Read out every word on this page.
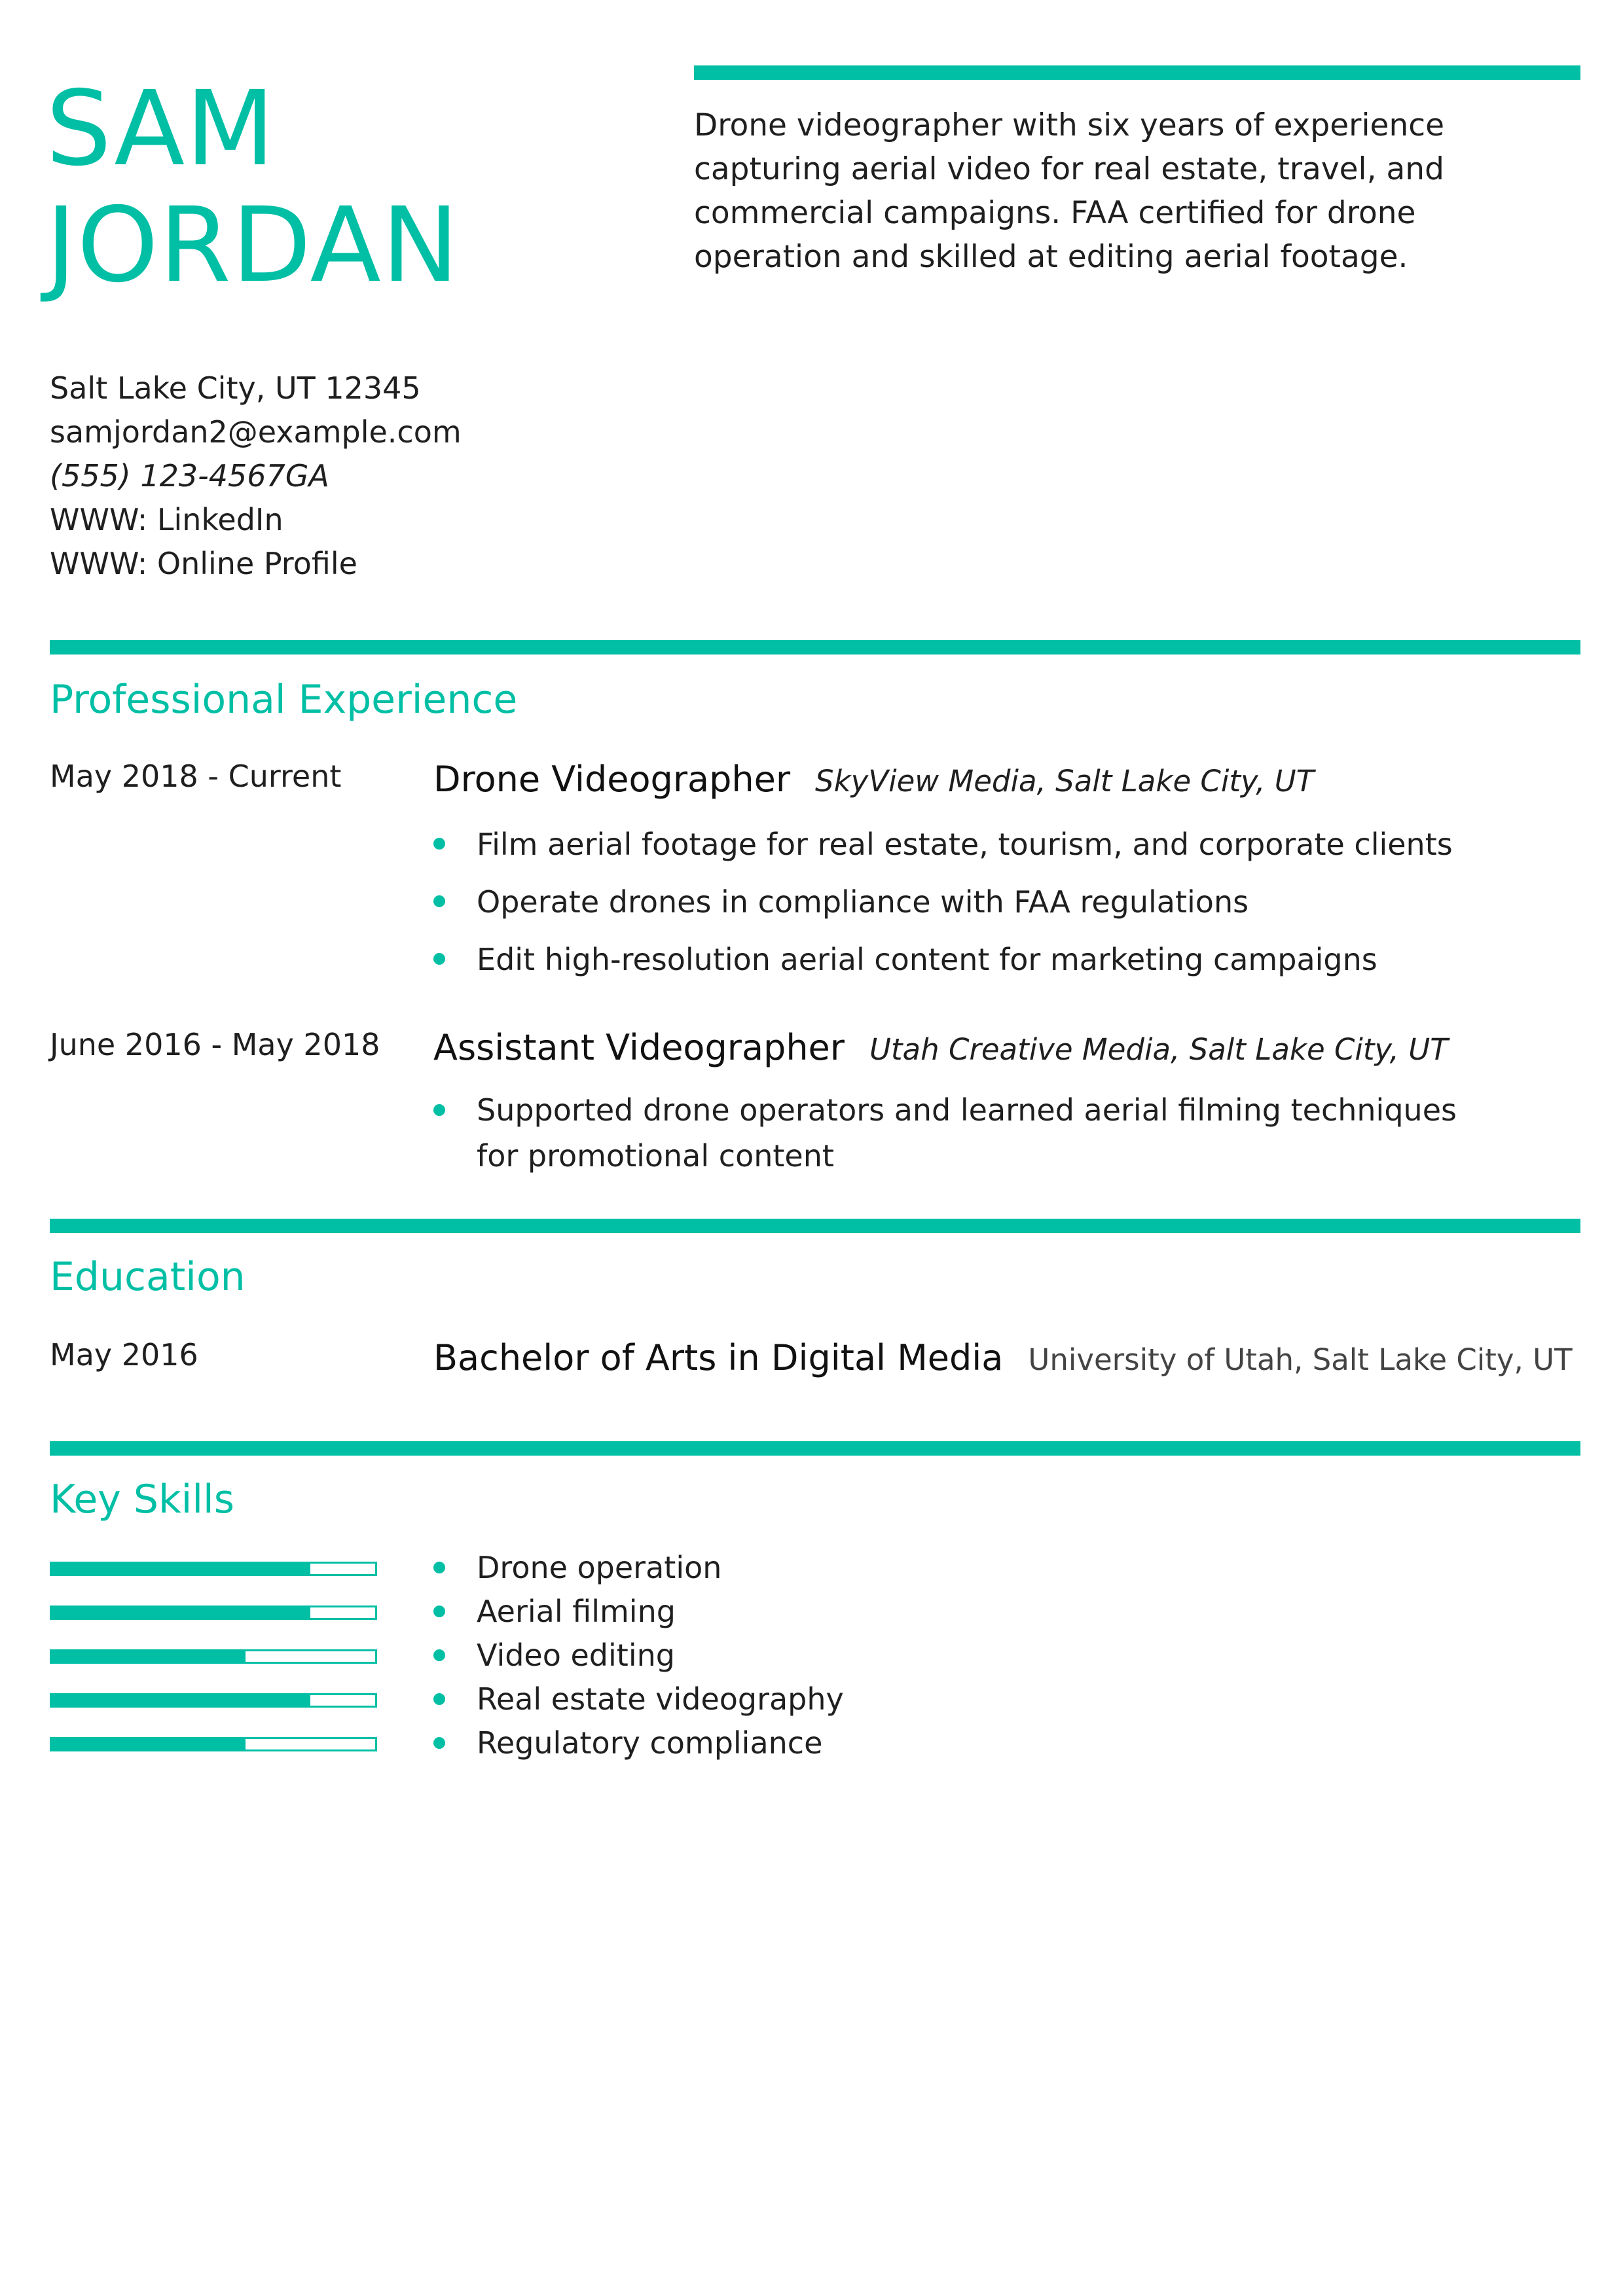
SAM
JORDAN

Drone videographer with six years of experience capturing aerial video for real estate, travel, and commercial campaigns. FAA certified for drone operation and skilled at editing aerial footage.

Salt Lake City, UT 12345
samjordan2@example.com
(555) 123-4567GA
WWW: LinkedIn
WWW: Online Profile
Professional Experience
May 2018 - Current	Drone Videographer SkyView Media, Salt Lake City, UT
Film aerial footage for real estate, tourism, and corporate clients
Operate drones in compliance with FAA regulations
Edit high-resolution aerial content for marketing campaigns
June 2016 - May 2018 Assistant Videographer Utah Creative Media, Salt Lake City, UT
Supported drone operators and learned aerial filming techniques for promotional content
Education
May 2016	Bachelor of Arts in Digital Media University of Utah, Salt Lake City, UT
Key Skills
Drone operation
Aerial filming
Video editing
Real estate videography
Regulatory compliance
